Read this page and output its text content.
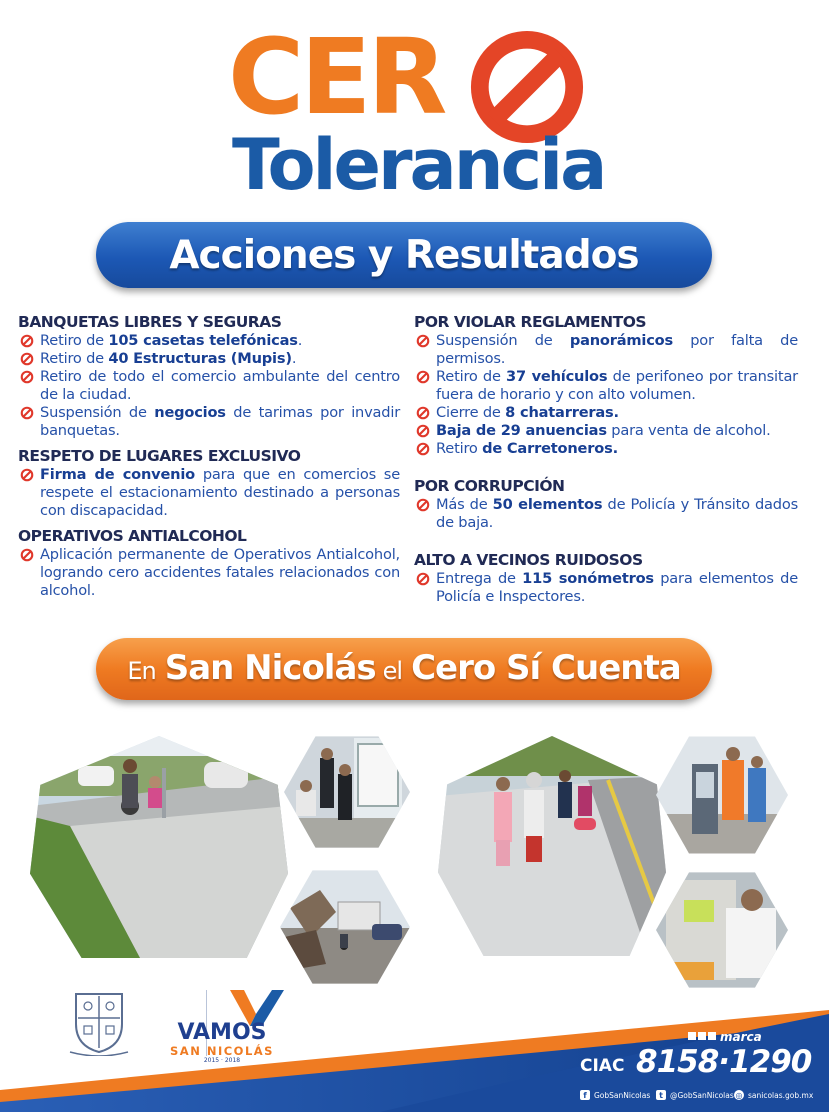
CER
Tolerancia
Acciones y Resultados
BANQUETAS LIBRES Y SEGURAS
Retiro de 105 casetas telefónicas.
Retiro de 40 Estructuras (Mupis).
Retiro de todo el comercio ambulante del centro de la ciudad.
Suspensión de negocios de tarimas por invadir banquetas.
RESPETO DE LUGARES EXCLUSIVO
Firma de convenio para que en comercios se respete el estacionamiento destinado a personas con discapacidad.
OPERATIVOS ANTIALCOHOL
Aplicación permanente de Operativos Antialcohol, logrando cero accidentes fatales relacionados con alcohol.
POR VIOLAR REGLAMENTOS
Suspensión de panorámicos por falta de permisos.
Retiro de 37 vehículos de perifoneo por transitar fuera de horario y con alto volumen.
Cierre de 8 chatarreras.
Baja de 29 anuencias para venta de alcohol.
Retiro de Carretoneros.
POR CORRUPCIÓN
Más de 50 elementos de Policía y Tránsito dados de baja.
ALTO A VECINOS RUIDOSOS
Entrega de 115 sonómetros para elementos de Policía e Inspectores.
En San Nicolás el Cero Sí Cuenta
VAMOS
SAN NICOLÁS
2015 · 2018
marca
CIAC 8158·1290
f GobSanNicolas	t @GobSanNicolas ◎ sanicolas.gob.mx
